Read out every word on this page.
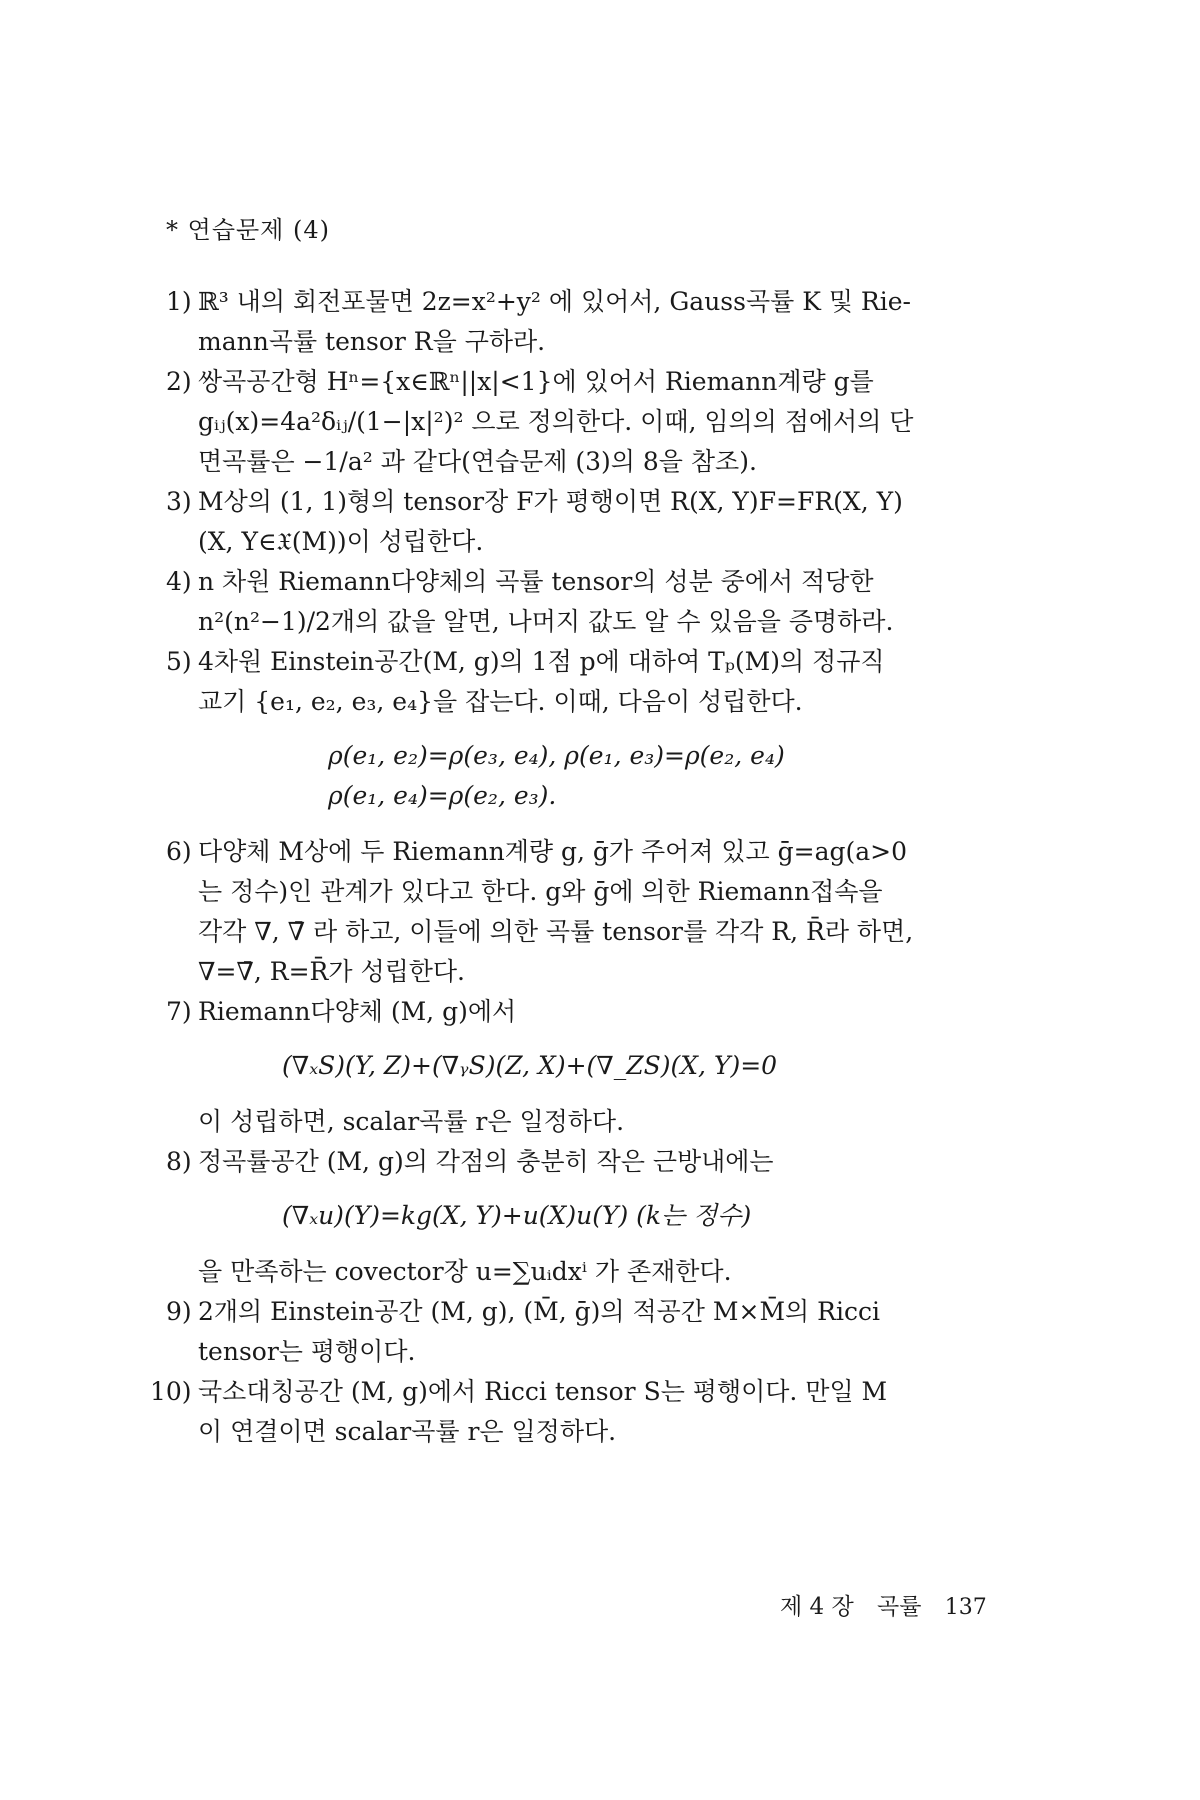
* 연습문제 (4)
1) ℝ³ 내의 회전포물면 2z=x²+y² 에 있어서, Gauss곡률 K 및 Rie-
mann곡률 tensor R을 구하라.
2) 쌍곡공간형 Hⁿ={x∈ℝⁿ||x|<1}에 있어서 Riemann계량 g를
gᵢⱼ(x)=4a²δᵢⱼ/(1−|x|²)² 으로 정의한다. 이때, 임의의 점에서의 단
면곡률은 −1/a² 과 같다(연습문제 (3)의 8을 참조).
3) M상의 (1, 1)형의 tensor장 F가 평행이면 R(X, Y)F=FR(X, Y)
(X, Y∈𝔛(M))이 성립한다.
4) n 차원 Riemann다양체의 곡률 tensor의 성분 중에서 적당한
n²(n²−1)/2개의 값을 알면, 나머지 값도 알 수 있음을 증명하라.
5) 4차원 Einstein공간(M, g)의 1점 p에 대하여 Tₚ(M)의 정규직
교기 {e₁, e₂, e₃, e₄}을 잡는다. 이때, 다음이 성립한다.
ρ(e₁, e₂)=ρ(e₃, e₄), ρ(e₁, e₃)=ρ(e₂, e₄)
ρ(e₁, e₄)=ρ(e₂, e₃).
6) 다양체 M상에 두 Riemann계량 g, ḡ가 주어져 있고 ḡ=ag(a>0
는 정수)인 관계가 있다고 한다. g와 ḡ에 의한 Riemann접속을
각각 ∇, ∇̄ 라 하고, 이들에 의한 곡률 tensor를 각각 R, R̄라 하면,
∇=∇̄, R=R̄가 성립한다.
7) Riemann다양체 (M, g)에서
(∇ₓS)(Y, Z)+(∇ᵧS)(Z, X)+(∇_ZS)(X, Y)=0
이 성립하면, scalar곡률 r은 일정하다.
8) 정곡률공간 (M, g)의 각점의 충분히 작은 근방내에는
(∇ₓu)(Y)=kg(X, Y)+u(X)u(Y) (k는 정수)
을 만족하는 covector장 u=∑uᵢdxⁱ 가 존재한다.
9) 2개의 Einstein공간 (M, g), (M̄, ḡ)의 적공간 M×M̄의 Ricci
tensor는 평행이다.
10) 국소대칭공간 (M, g)에서 Ricci tensor S는 평행이다. 만일 M
이 연결이면 scalar곡률 r은 일정하다.
제 4 장 곡률 137
